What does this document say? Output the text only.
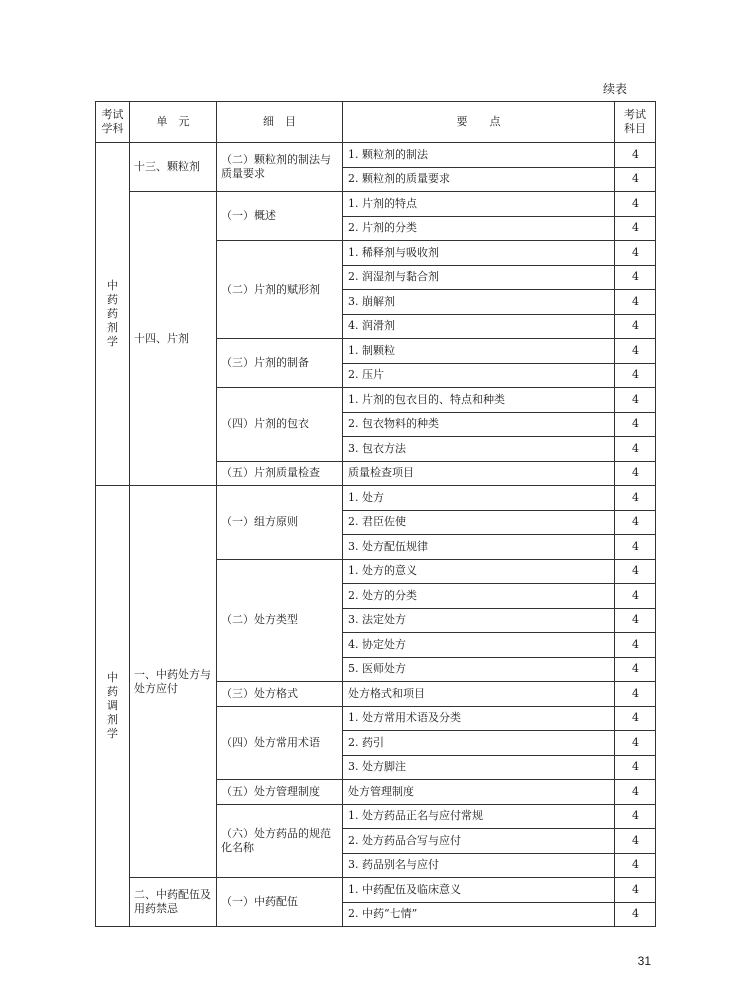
续表
考试学科	单　元	细　目	要　　点	考试科目
中药药剂学	十三、颗粒剂	（二）颗粒剂的制法与质量要求	1. 颗粒剂的制法	4
			2. 颗粒剂的质量要求	4
	十四、片剂	（一）概述	1. 片剂的特点	4
			2. 片剂的分类	4
		（二）片剂的赋形剂	1. 稀释剂与吸收剂	4
			2. 润湿剂与黏合剂	4
			3. 崩解剂	4
			4. 润滑剂	4
		（三）片剂的制备	1. 制颗粒	4
			2. 压片	4
		（四）片剂的包衣	1. 片剂的包衣目的、特点和种类	4
			2. 包衣物料的种类	4
			3. 包衣方法	4
		（五）片剂质量检查	质量检查项目	4
中药调剂学	一、中药处方与处方应付	（一）组方原则	1. 处方	4
			2. 君臣佐使	4
			3. 处方配伍规律	4
		（二）处方类型	1. 处方的意义	4
			2. 处方的分类	4
			3. 法定处方	4
			4. 协定处方	4
			5. 医师处方	4
		（三）处方格式	处方格式和项目	4
		（四）处方常用术语	1. 处方常用术语及分类	4
			2. 药引	4
			3. 处方脚注	4
		（五）处方管理制度	处方管理制度	4
		（六）处方药品的规范化名称	1. 处方药品正名与应付常规	4
			2. 处方药品合写与应付	4
			3. 药品别名与应付	4
	二、中药配伍及用药禁忌	（一）中药配伍	1. 中药配伍及临床意义	4
			2. 中药“七情”	4
31
